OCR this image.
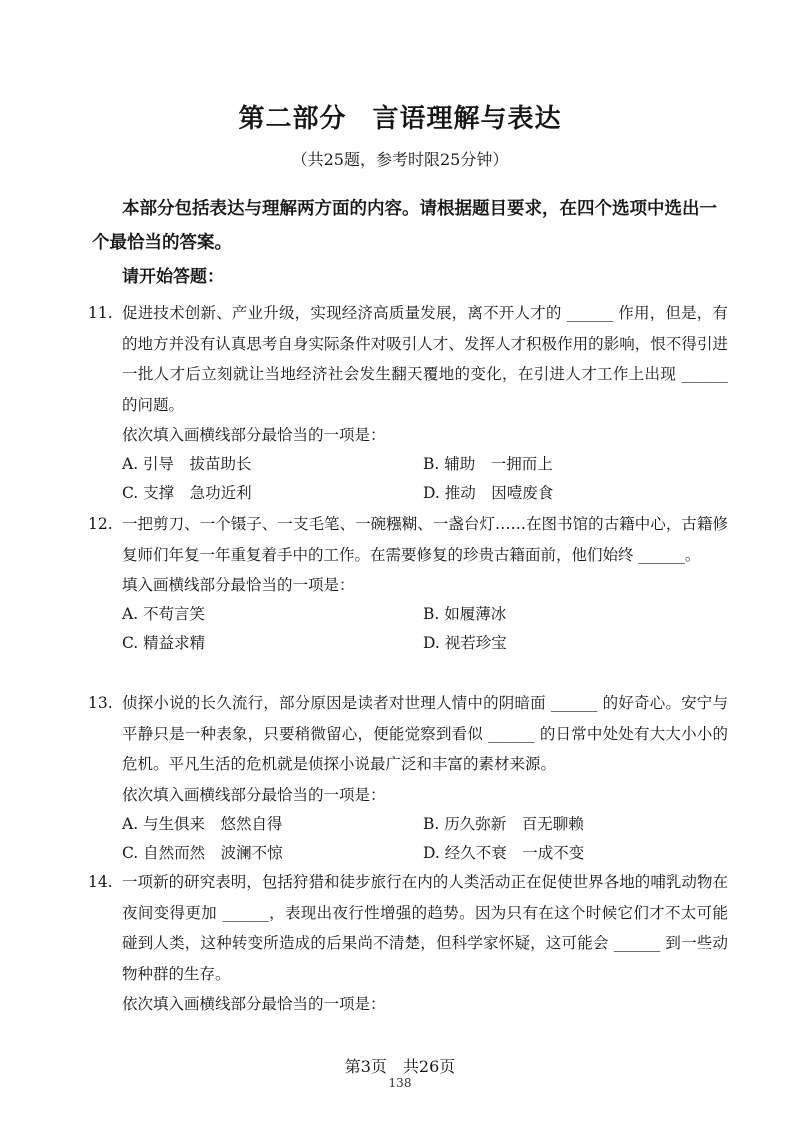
第二部分 言语理解与表达
（共25题，参考时限25分钟）

本部分包括表达与理解两方面的内容。请根据题目要求，在四个选项中选出一个最恰当的答案。

请开始答题：
11. 促进技术创新、产业升级，实现经济高质量发展，离不开人才的 ______ 作用，但是，有的地方并没有认真思考自身实际条件对吸引人才、发挥人才积极作用的影响，恨不得引进一批人才后立刻就让当地经济社会发生翻天覆地的变化，在引进人才工作上出现 ______ 的问题。

依次填入画横线部分最恰当的一项是：
A. 引导　拔苗助长	B. 辅助　一拥而上
C. 支撑　急功近利	D. 推动　因噎废食
12. 一把剪刀、一个镊子、一支毛笔、一碗糨糊、一盏台灯……在图书馆的古籍中心，古籍修复师们年复一年重复着手中的工作。在需要修复的珍贵古籍面前，他们始终 ______。

填入画横线部分最恰当的一项是：
A. 不苟言笑	B. 如履薄冰
C. 精益求精	D. 视若珍宝
13. 侦探小说的长久流行，部分原因是读者对世理人情中的阴暗面 ______ 的好奇心。安宁与平静只是一种表象，只要稍微留心，便能觉察到看似 ______ 的日常中处处有大大小小的危机。平凡生活的危机就是侦探小说最广泛和丰富的素材来源。

依次填入画横线部分最恰当的一项是：
A. 与生俱来　悠然自得	B. 历久弥新　百无聊赖
C. 自然而然　波澜不惊	D. 经久不衰　一成不变
14. 一项新的研究表明，包括狩猎和徒步旅行在内的人类活动正在促使世界各地的哺乳动物在夜间变得更加 ______，表现出夜行性增强的趋势。因为只有在这个时候它们才不太可能碰到人类，这种转变所造成的后果尚不清楚，但科学家怀疑，这可能会 ______ 到一些动物种群的生存。

依次填入画横线部分最恰当的一项是：
第3页　共26页
138
